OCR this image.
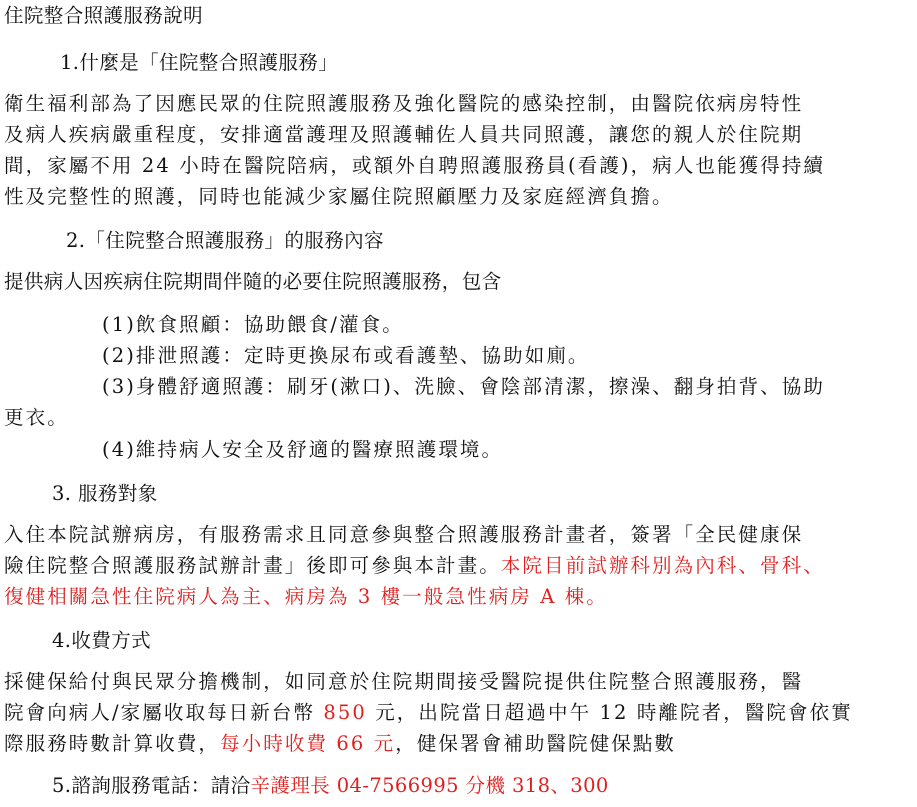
住院整合照護服務說明
1.什麼是「住院整合照護服務」
衛生福利部為了因應民眾的住院照護服務及強化醫院的感染控制，由醫院依病房特性
及病人疾病嚴重程度，安排適當護理及照護輔佐人員共同照護，讓您的親人於住院期
間，家屬不用 24 小時在醫院陪病，或額外自聘照護服務員(看護)，病人也能獲得持續
性及完整性的照護，同時也能減少家屬住院照顧壓力及家庭經濟負擔。
2.「住院整合照護服務」的服務內容
提供病人因疾病住院期間伴隨的必要住院照護服務，包含
(1)飲食照顧：協助餵食/灌食。
(2)排泄照護：定時更換尿布或看護墊、協助如廁。
(3)身體舒適照護：刷牙(漱口)、洗臉、會陰部清潔，擦澡、翻身拍背、協助
更衣。
(4)維持病人安全及舒適的醫療照護環境。
3. 服務對象
入住本院試辦病房，有服務需求且同意參與整合照護服務計畫者，簽署「全民健康保
險住院整合照護服務試辦計畫」後即可參與本計畫。本院目前試辦科別為內科、骨科、
復健相關急性住院病人為主、病房為 3 樓一般急性病房 A 棟。
4.收費方式
採健保給付與民眾分擔機制，如同意於住院期間接受醫院提供住院整合照護服務，醫
院會向病人/家屬收取每日新台幣 850 元，出院當日超過中午 12 時離院者，醫院會依實
際服務時數計算收費，每小時收費 66 元，健保署會補助醫院健保點數
5.諮詢服務電話：請洽辛護理長 04-7566995 分機 318、300
